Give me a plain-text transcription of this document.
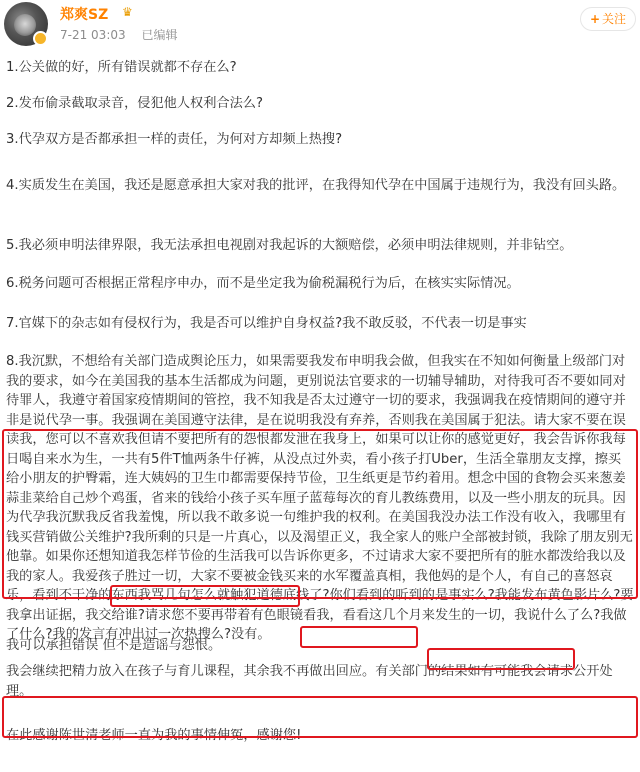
郑爽SZ ♛
7-21 03:03 已编辑
+ 关注

1.公关做的好，所有错误就都不存在么?

2.发布偷录截取录音，侵犯他人权利合法么?

3.代孕双方是否都承担一样的责任，为何对方却频上热搜?

4.实质发生在美国，我还是愿意承担大家对我的批评，在我得知代孕在中国属于违规行为，我没有回头路。

5.我必须申明法律界限，我无法承担电视剧对我起诉的大额赔偿，必须申明法律规则，并非钻空。

6.税务问题可否根据正常程序申办，而不是坐定我为偷税漏税行为后，在核实实际情况。

7.官媒下的杂志如有侵权行为，我是否可以维护自身权益?我不敢反驳，不代表一切是事实

8.我沉默，不想给有关部门造成舆论压力，如果需要我发布申明我会做，但我实在不知如何衡量上级部门对我的要求，如今在美国我的基本生活都成为问题，更别说法官要求的一切辅导辅助，对待我可否不要如同对待罪人，我遵守着国家疫情期间的管控，我不知我是否太过遵守一切的要求，我强调我在疫情期间的遵守并非是说代孕一事。我强调在美国遵守法律，是在说明我没有弃养，否则我在美国属于犯法。请大家不要在误读我，您可以不喜欢我但请不要把所有的怨恨都发泄在我身上，如果可以让你的感觉更好，我会告诉你我每日喝自来水为生，一共有5件T恤两条牛仔裤，从没点过外卖，看小孩子打Uber，生活全靠朋友支撑，擦买给小朋友的护臀霜，连大姨妈的卫生巾都需要保持节俭，卫生纸更是节约着用。想念中国的食物会买来葱姜蒜韭菜给自己炒个鸡蛋，省来的钱给小孩子买车厘子蓝莓每次的育儿教练费用，以及一些小朋友的玩具。因为代孕我沉默我反省我羞愧，所以我不敢多说一句维护我的权利。在美国我没办法工作没有收入，我哪里有钱买营销做公关维护?我所剩的只是一片真心，以及渴望正义，我全家人的账户全部被封锁，我除了朋友别无他靠。如果你还想知道我怎样节俭的生活我可以告诉你更多，不过请求大家不要把所有的脏水都泼给我以及我的家人。我爱孩子胜过一切，大家不要被金钱买来的水军覆盖真相，我他妈的是个人，有自己的喜怒哀乐，看到不干净的东西我骂几句怎么就触犯道德底线了?你们看到的听到的是事实么?我能发布黄色影片么?要我拿出证据，我交给谁?请求您不要再带着有色眼镜看我，看看这几个月来发生的一切，我说什么了么?我做了什么?我的发言有冲出过一次热搜么?没有。

我可以承担错误 但不是造谣与怨恨。

我会继续把精力放入在孩子与育儿课程，其余我不再做出回应。有关部门的结果如有可能我会请求公开处理。

在此感谢陈世清老师一直为我的事情伸冤，感谢您!
